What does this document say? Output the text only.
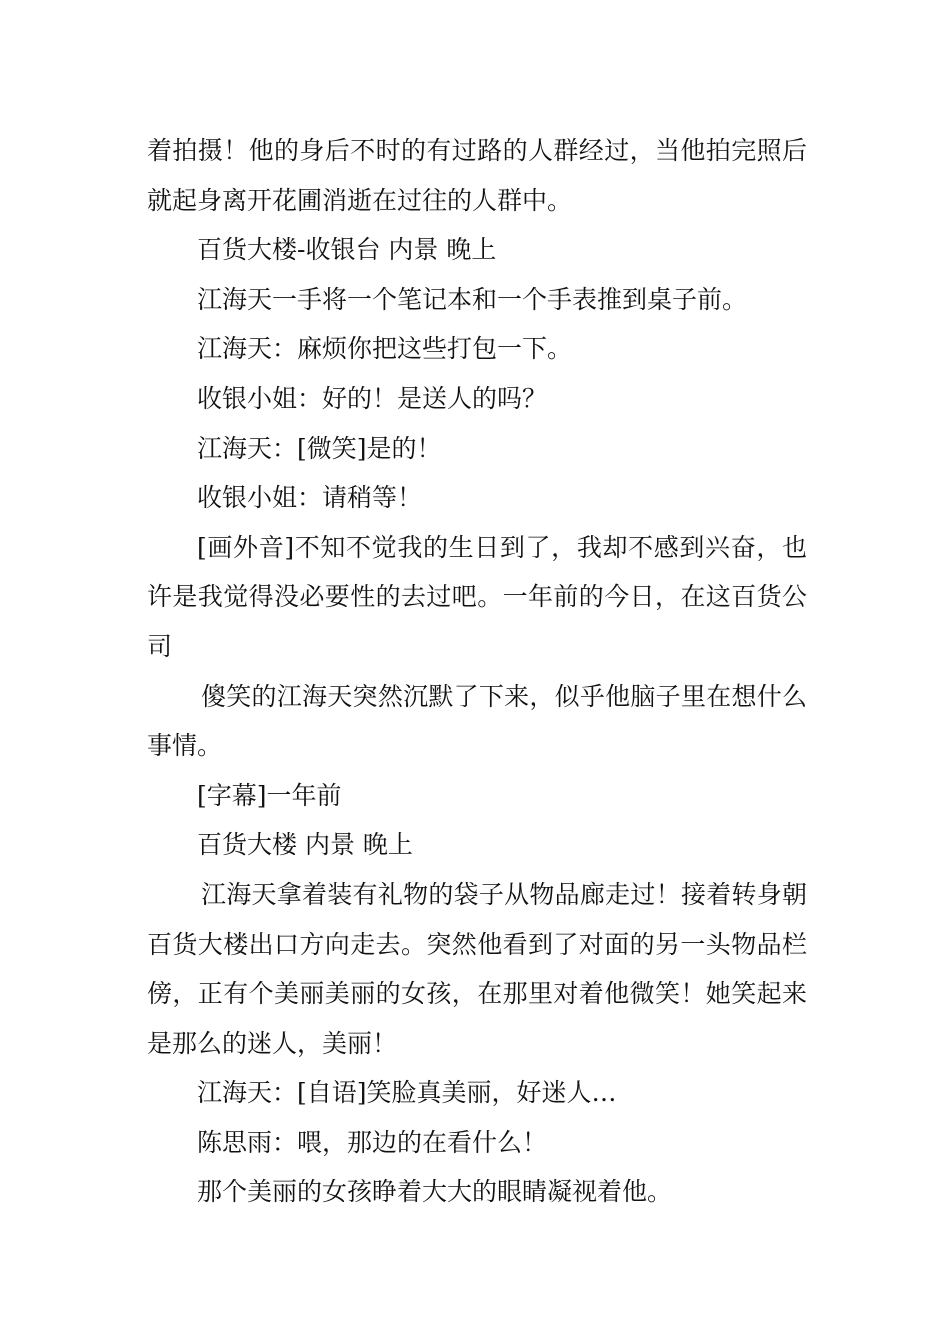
着拍摄！他的身后不时的有过路的人群经过，当他拍完照后就起身离开花圃消逝在过往的人群中。

百货大楼-收银台 内景 晚上

江海天一手将一个笔记本和一个手表推到桌子前。

江海天：麻烦你把这些打包一下。

收银小姐：好的！是送人的吗？

江海天：[微笑]是的！

收银小姐：请稍等！

[画外音]不知不觉我的生日到了，我却不感到兴奋，也许是我觉得没必要性的去过吧。一年前的今日，在这百货公司

傻笑的江海天突然沉默了下来，似乎他脑子里在想什么事情。

[字幕]一年前

百货大楼 内景 晚上

江海天拿着装有礼物的袋子从物品廊走过！接着转身朝百货大楼出口方向走去。突然他看到了对面的另一头物品栏傍，正有个美丽美丽的女孩，在那里对着他微笑！她笑起来是那么的迷人，美丽！

江海天：[自语]笑脸真美丽，好迷人…

陈思雨：喂，那边的在看什么！

那个美丽的女孩睁着大大的眼睛凝视着他。
